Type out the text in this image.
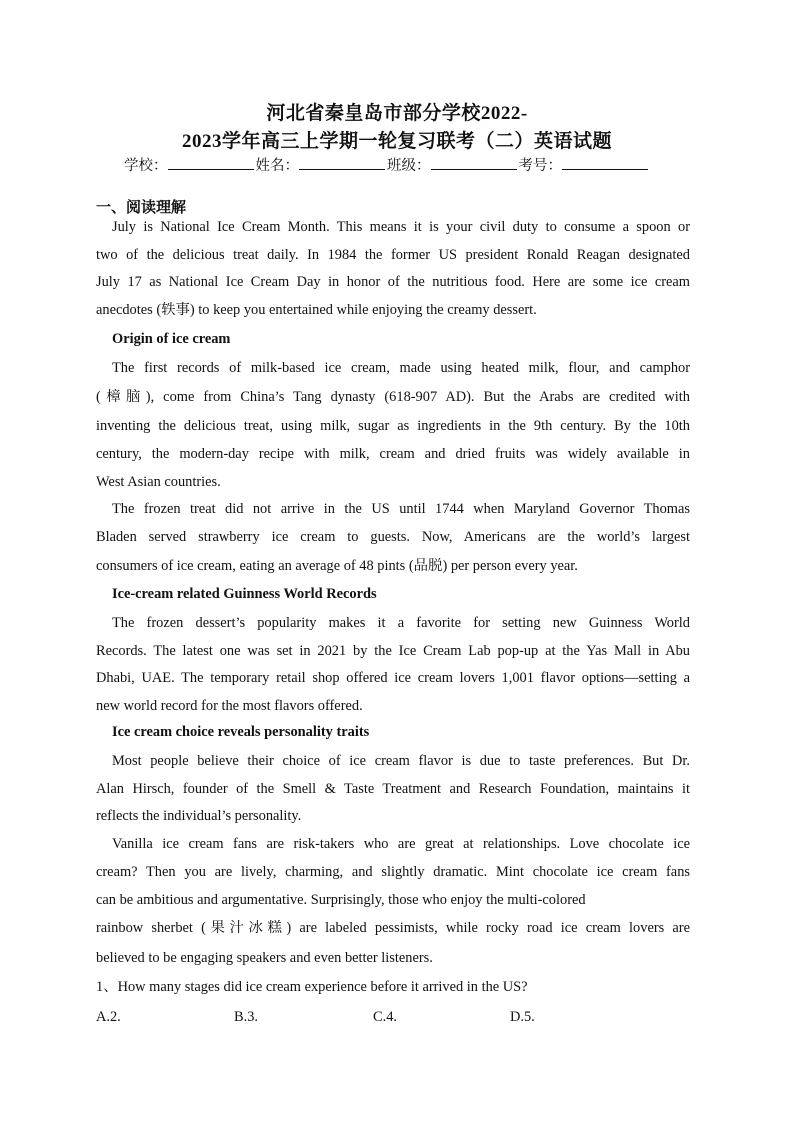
河北省秦皇岛市部分学校2022-
2023学年高三上学期一轮复习联考（二）英语试题
学校：	姓名：	班级：	考号：
一、阅读理解
July is National Ice Cream Month. This means it is your civil duty to consume a spoon or
two of the delicious treat daily. In 1984 the former US president Ronald Reagan designated
July 17 as National Ice Cream Day in honor of the nutritious food. Here are some ice cream
anecdotes (轶事) to keep you entertained while enjoying the creamy dessert.
Origin of ice cream
The first records of milk-based ice cream, made using heated milk, flour, and camphor
(樟脑), come from China’s Tang dynasty (618-907 AD). But the Arabs are credited with
inventing the delicious treat, using milk, sugar as ingredients in the 9th century. By the 10th
century, the modern-day recipe with milk, cream and dried fruits was widely available in
West Asian countries.
The frozen treat did not arrive in the US until 1744 when Maryland Governor Thomas
Bladen served strawberry ice cream to guests. Now, Americans are the world’s largest
consumers of ice cream, eating an average of 48 pints (品脱) per person every year.
Ice-cream related Guinness World Records
The frozen dessert’s popularity makes it a favorite for setting new Guinness World
Records. The latest one was set in 2021 by the Ice Cream Lab pop-up at the Yas Mall in Abu
Dhabi, UAE. The temporary retail shop offered ice cream lovers 1,001 flavor options—setting a
new world record for the most flavors offered.
Ice cream choice reveals personality traits
Most people believe their choice of ice cream flavor is due to taste preferences. But Dr.
Alan Hirsch, founder of the Smell & Taste Treatment and Research Foundation, maintains it
reflects the individual’s personality.
Vanilla ice cream fans are risk-takers who are great at relationships. Love chocolate ice
cream? Then you are lively, charming, and slightly dramatic. Mint chocolate ice cream fans
can be ambitious and argumentative. Surprisingly, those who enjoy the multi-colored
rainbow sherbet (果汁冰糕) are labeled pessimists, while rocky road ice cream lovers are
believed to be engaging speakers and even better listeners.
1、How many stages did ice cream experience before it arrived in the US?
A.2.	B.3.	C.4.	D.5.
